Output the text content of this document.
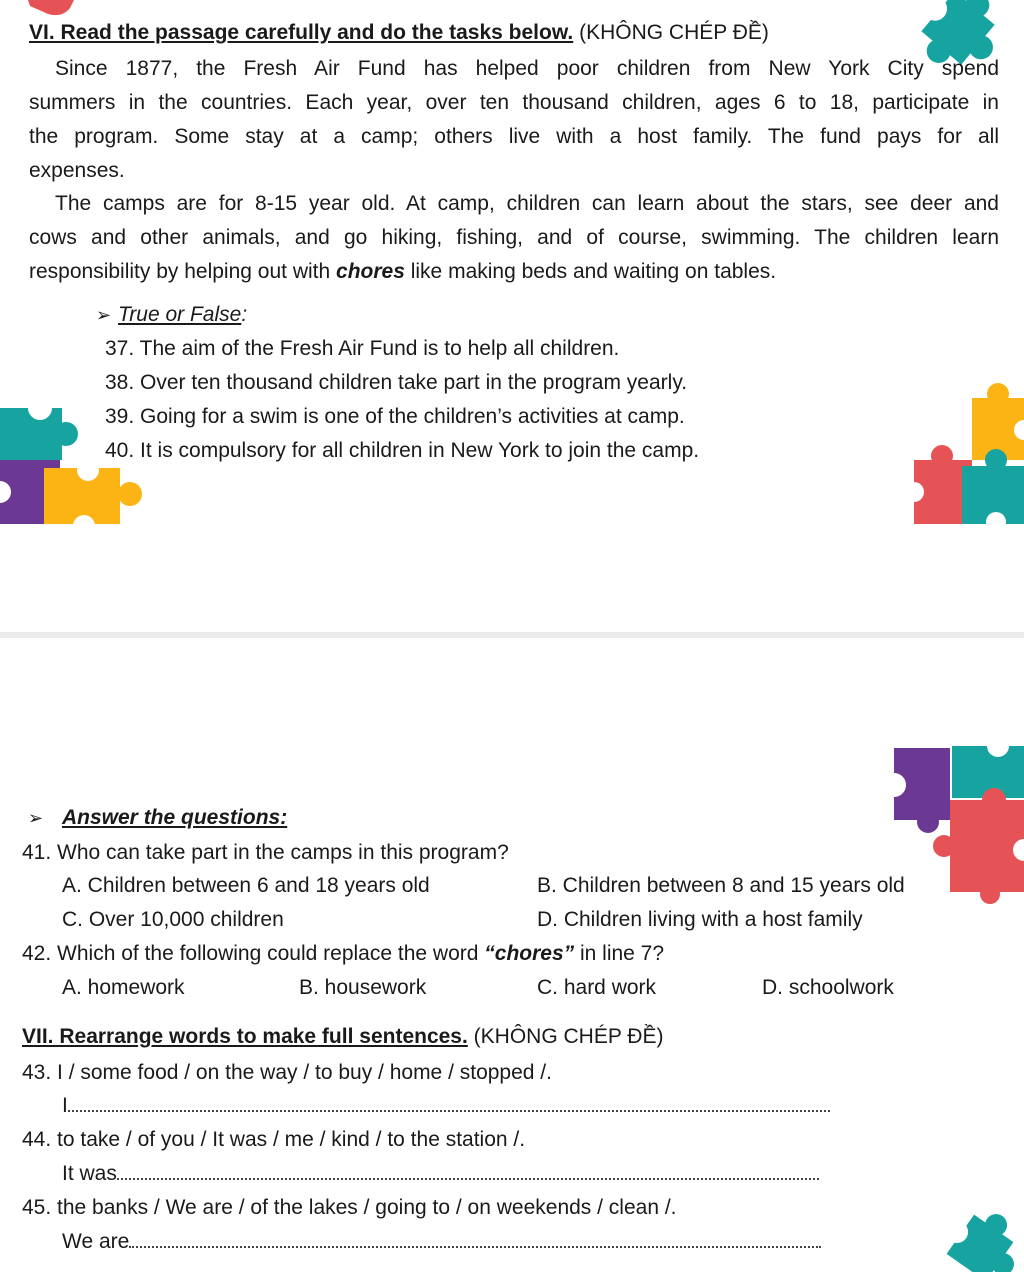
VI. Read the passage carefully and do the tasks below. (KHÔNG CHÉP ĐỀ)
Since 1877, the Fresh Air Fund has helped poor children from New York City spend
summers in the countries. Each year, over ten thousand children, ages 6 to 18, participate in
the program. Some stay at a camp; others live with a host family. The fund pays for all
expenses.
The camps are for 8-15 year old. At camp, children can learn about the stars, see deer and
cows and other animals, and go hiking, fishing, and of course, swimming. The children learn
responsibility by helping out with chores like making beds and waiting on tables.
➢ True or False:
37. The aim of the Fresh Air Fund is to help all children.
38. Over ten thousand children take part in the program yearly.
39. Going for a swim is one of the children’s activities at camp.
40. It is compulsory for all children in New York to join the camp.
➢ Answer the questions:
41. Who can take part in the camps in this program?
A. Children between 6 and 18 years old	B. Children between 8 and 15 years old
C. Over 10,000 children	D. Children living with a host family
42. Which of the following could replace the word “chores” in line 7?
A. homework	B. housework	C. hard work	D. schoolwork
VII. Rearrange words to make full sentences. (KHÔNG CHÉP ĐỀ)
43. I / some food / on the way / to buy / home / stopped /.
I
44. to take / of you / It was / me / kind / to the station /.
It was
45. the banks / We are / of the lakes / going to / on weekends / clean /.
We are
